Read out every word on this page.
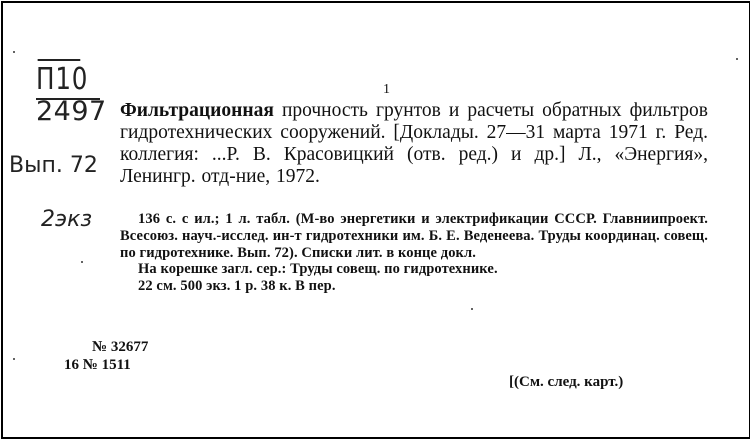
П10
2497
Вып. 72
2экз
1

Фильтрационная прочность грунтов и расчеты обратных фильтров гидротехнических сооружений. [Доклады. 27—31 марта 1971 г. Ред. коллегия: ...Р. В. Красовицкий (отв. ред.) и др.] Л., «Энергия», Ленингр. отд-ние, 1972.

136 с. с ил.; 1 л. табл. (М-во энергетики и электрификации СССР. Главниипроект. Всесоюз. науч.-исслед. ин-т гидротехники им. Б. Е. Веденеева. Труды координац. совещ. по гидротехнике. Вып. 72). Списки лит. в конце докл.

На корешке загл. сер.: Труды совещ. по гидротехнике.

22 см. 500 экз. 1 р. 38 к. В пер.

№ 32677
16 № 1511
[(См. след. карт.)
